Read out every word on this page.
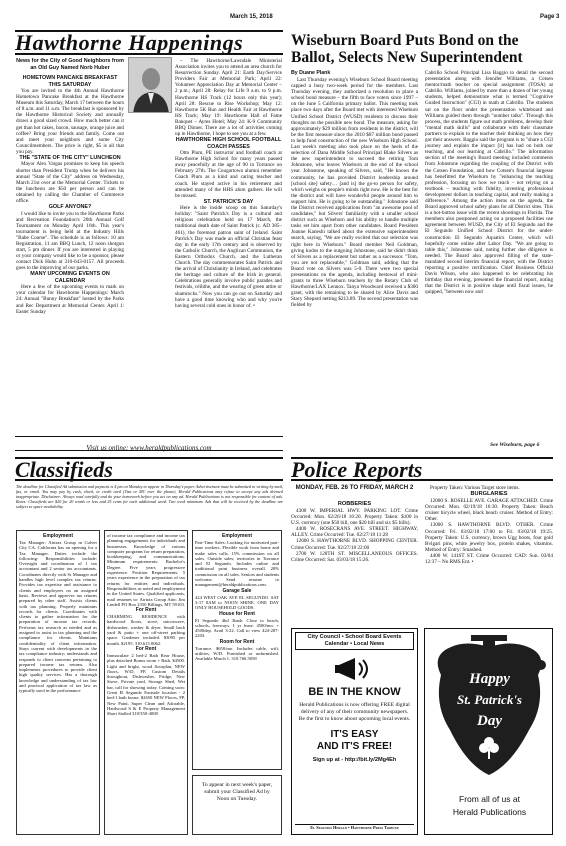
March 15, 2018	Page 3
Hawthorne Happenings
News for the City of Good Neighbors from an Old Guy Named Norb Huber
HOMETOWN PANCAKE BREAKFAST THIS SATURDAY
You are invited to the 4th Annual Hawthorne Hometown Pancake Breakfast at the Hawthorne Museum this Saturday, March 17 between the hours of 8 a.m. and 11 a.m. The breakfast is sponsored by the Hawthorne Historical Society and annually draws a good sized crowd. How much better can it get than hot cakes, bacon, sausage, orange juice and coffee? Bring your friends and family. Come out and meet your neighbors and some City Councilmembers. The price is right, $5 is all that you pay.
THE "STATE OF THE CITY" LUNCHEON
Mayor Alex Vargas promises to keep his speech shorter than President Trump when he delivers his annual "State of the City" address on Wednesday, March 21st over at the Memorial Center. Tickets to the luncheon are $50 per person and can be obtained by calling the Chamber of Commerce office.
GOLF ANYONE?
I would like to invite you to the Hawthorne Parks and Recreation Foundation's 20th Annual Golf Tournament on Monday April 16th. This year's tournament is being held at the Industry Hills "Babe Course". The schedule is as follows: 10 am Registration, 11 am BBQ Lunch, 12 noon shotgun start, 5 pm dinner. If you are interested in playing or your company would like to be a sponsor, please contact Dick Huhn at 310-643-0157. All proceeds goes to the improving of our parks.
MANY UPCOMING EVENTS ON CALENDAR
Here a few of the upcoming events to mark on your calendar for Hawthorne Happenings: March 24: Annual "Bunny Breakfast" hosted by the Parks and Rec Department at Memorial Center. April 1: Easter Sunday
– The Hawthorne/Lawndale Ministerial Association invites you to attend an area church for Resurrection Sunday. April 21: Earth Day/Service Providers Fair at Memorial Park; April 22: Volunteer Appreciation Day at Memorial Center – 2 p.m.; April 28: Relay for Life 9 a.m. to 9 p.m. Hawthorne HS Track (12 hours only this year); April 28: Rescue to Rise Workshop; May 12: Hawthorne 5K Run and Health Fair at Hawthorne HS Track; May 19: Hawthorne Hall of Fame Banquet – Ayres Hotel; May 24: K-9 Community BBQ Dinner. There are a lot of activities coming up in Hawthorne, I hope to see you at a few.
HAWTHORNE HIGH SCHOOL FOOTBALL COACH PASSES
Otto Plum, PE instructor and football coach at Hawthorne High School for many years passed away peacefully at the age of 90 in Torrance on February 27th. The Cougartown alumni remember Coach Plum as a kind and caring teacher and coach. He stayed active in his retirement and attended many of the HHS alum gathers. He will be missed.
ST. PATRICK'S DAY
Here is the inside scoop on this Saturday's holiday: "Saint Patrick's Day is a cultural and religious celebration held on 17 March, the traditional death date of Saint Patrick (c. AD 385–461), the foremost patron saint of Ireland. Saint Patrick's Day was made an official Christian feast day in the early 17th century and is observed by the Catholic Church, the Anglican Communion, the Eastern Orthodox Church, and the Lutheran Church. The day commemorates Saint Patrick and the arrival of Christianity in Ireland, and celebrates the heritage and culture of the Irish in general. Celebrations generally involve public parades and festivals, céilithe, and the wearing of green attire or shamrocks." Now you can go out on Saturday and have a good time knowing who and why you're having several cold ones in honor of. •
Visit us online: www.heraldpublications.com
Wiseburn Board Puts Bond on the Ballot, Selects New Superintendent
By Duane Plank
Last Thursday evening's Wiseburn School Board meeting capped a busy two-week period for the members. Last Thursday evening, they authorized a resolution to place a school bond measure – the fifth to face voters since 1997 – on the June 5 California primary ballot. This meeting took place two days after the Board met with interested Wiseburn Unified School District (WUSD) residents to discuss their thoughts on the possible new bond. The measure, asking for approximately $29 million from residents in the district, will be the first measure since the 2010 $87 million bond passed to help fund construction of the new Wiseburn High School. Last week's meeting also took place on the heels of the selection of Dana Middle School Principal Blake Silvers as the new superintendent to succeed the retiring Tom Johnstone, who leaves Wiseburn at the end of the school year. Johnstone, speaking of Silvers, said, "He knows the community, he has provided District leadership around [school site] safety… [and is] the go-to person for safety, which weighs on people's minds right now. He is the best for the district and will have wonderful people around him to support him. He is going to be outstanding." Johnstone said the District received applications from "an awesome pool of candidates," but Silvers' familiarity with a smaller school district such as Wiseburn and his ability to handle multiple tasks set him apart from other candidates. Board President Joanne Kaneshi talked about the extensive superintendent search, saying, "We are really excited that our selection was right here in Wiseburn." Board member Neil Goldman, giving kudos to the outgoing Johnstone, said he didn't think of Silvers as a replacement but rather as a successor. "Tom, you are not replaceable," Goldman said, adding that the Board vote on Silvers was 5-0. There were two special presentations on the agenda, including bestowal of mini-grants to three Wiseburn teachers by the Rotary Club of Hawthorne/LAX Lennox. Tanya Woodward received a $300 grant, with the remaining to be shared by Alice Davis and Stacy Shepard netting $213.89. The second presentation was fielded by
Cabrillo School Principal Lisa Baggio to detail the second presentation along with Jennifer Williams, a Cotsen mentor/math teacher on special assignment (TOSA) at Cabrillo. Williams, joined by more than a dozen of her young students, helped demonstrate what is termed "Cognitive Guided Instruction" (CGI) in math at Cabrillo. The students sat on the floor under the presentation whiteboard and Williams guided them through "number talks". Through this process, the students figure out math problems, develop their "mental math skills" and collaborate with their classmate partners to explain to the teacher their thinking on how they got their answers. Baggio said the program is to "share a CGI journey and explain the impact [it] has had on both our teaching, and our learning at Cabrillo." The information section of the meeting's Board meeting included comments from Johnstone regarding the coupling of the District with the Cotsen Foundation, and how Cotsen's financial largesse has benefitted the Wiseburn by "enhancing the teaching profession, focusing on how we teach – not relying on a textbook – teaching with fidelity, investing professional development dollars in teaching capital, and really making a difference." Among the action items on the agenda, the Board approved school safety plans for all District sites. This is a hot-button issue with the recent shootings in Florida. The members also postponed acting on a proposed facilities use agreement between WUSD, the City of El Segundo and the El Segundo Unified School District for the under-construction El Segundo Aquatics Center, which will hopefully come online after Labor Day. "We are going to table this," Johnstone said, noting further due diligence is needed. The Board also approved filling of the state-mandated second interim financial report, with the District reporting a positive certification. Chief Business Official Davis Wilson, who also happened to be celebrating his birthday that evening, presented the financial report, noting that the District is in positive shape until fiscal issues, he quipped, "between now and
See Wiseburn, page 6
Classifieds
The deadline for Classified Ad submission and payment is 4 pm on Monday to appear in Thursday's paper. Advertisement must be submitted in writing by mail, fax, or email. You may pay by cash, check, or credit card (Visa or MC over the phone). Herald Publications may refuse to accept any ads deemed inappropriate. Disclaimer: Always read carefully and do your homework before you act on any ad. Herald Publications is not responsible for content of ads. Rates: Classifieds are $20 for 20 words or less and 25 cents for each additional word. Two week minimum. Ads that will be received by the deadline are subject to space availability.
Employment
Tax Manager: Airtrax Group in Culver City CA. California has an opening for a Tax Manager. Duties include the following: Responsibilities include: Oversight and coordination of 1 tax accountant and 2 senior tax accountants. Coordinates directly with Sr Manager and handles high level complex tax returns. Provides tax expertise and assistance to clients and employees on an assigned basis. Reviews and approves tax returns prepared by other staff. Assists clients with tax planning. Properly maintains records for clients. Coordinates with clients to gather information for the preparation of income tax records. Performs tax research as needed and as assigned to assist in tax planning and the compliance for clients. Maintains confidentiality of client information. Stays current with developments in the tax compliance industry; understands and responds to client concerns pertaining to prepared income tax returns. Also implements procedures to provide client high quality services. Has a thorough knowledge and understanding of tax law and practical application of tax law as typically used in the performance
of income tax compliance and income tax planning engagements for individuals and businesses. Knowledge of various computer programs for return preparation, bookkeeping, and communications. Minimum requirements: Bachelor's Degree. Five years progressive experience. Position Requirements: 5 years experience in the preparation of tax returns for entities and individuals. Responsibilities as noted and employment in the United States. Qualified applicants, mail resumes to: Airtrax Group Attn: Jim Lindell PO Box 2350 Billings, MT 59103.
For Rent
CHARMING RESIDENCE with hardwood floors, stove, microwave, dishwasher, washer & dryer. Small back yard & patio + one off-street parking space. Gardener included. $3095 per month. $2195. 310.615.0062.
For Rent
Immaculate 2 bed-2 Bath Rear House, plus detached Bonus room + Bath. $4500. Light and bright, wood floorplan, NEW floors, W/D, FP, Custom Details throughout, Dishwasher, Fridge, New Stove, Private yard, Storage Shed, Wet bar, call for showing today. Coming soon: Great El Segundo Eastside location - 2 bed-1 bath house. $2650 NEW Floors, FP, New Paint, Super Clean and Adorable, Hardwood S & E Property Management Short Stalled 310/350-4008
Employment
Part-Time Sales: Looking for motivated part-time workers. Flexible work from home and make sales calls. 15% commission on all sales. Outside sales; territories in Torrance and El Segundo. Includes online and traditional print business overall. 20% commission on all sales. Seniors and students welcome. Send resume to management@heraldpublications.com.
Garage Sale
424 WEST OAK AVE EL SEGUNDO. SAT 3-17 8AM to NOON SHINE. ONE DAY ONLY HOUSEHOLD GOODS.
House for Rent
El Segundo 4bd 3bath. Close to beach, schools, freeways. 1 yr lease. 4500/mo. + 4500dep. Avail 3-22. Call to view 424-287-2203.
Room for Rent
Torrance. $650/mo. Includes cable, wifi, utilities, W/D. Furnished or unfurnished. Available March 1. 310.766.5058
To appear in next week's paper, submit your Classified Ad by Noon on Tuesday.
Police Reports
MONDAY, FEB. 26 TO FRIDAY, MARCH 2
ROBBERIES
4300 W. IMPERIAL HWY. PARKING LOT. Crime Occurred: Mon. 02/26/18 16:20. Property Taken: $100 in U.S. currency (one $50 bill, one $20 bill and six $5 bills).
4400 W. ROSECRANS AVE. STREET. HIGHWAY, ALLEY. Crime Occurred: Tue. 02/27/18 11:28
12600 S. HAWTHORNE BLVD. SHOPPING CENTER. Crime Occurred: Tue. 02/27/18 22:00
2700 W. 120TH ST. MISCELLANEOUS OFFICES. Crime Occurred: Sat. 03/03/18 15:26.
Property Taken: Various Target store items.
BURGLARIES
12000 S. ROSELLE AVE. GARAGE ATTACHED. Crime Occurred: Mon. 02/19/18 16:30. Property Taken: Beach cruiser bicycle wheel, black beach cruiser. Method of Entry: Other.
13000 S. HAWTHORNE BLVD. OTHER. Crime Occurred: Fri. 03/02/18 17:00 to Fri. 03/02/18 19:25. Property Taken: U.S. currency, brown Ugg boots, four gold Bvlgari pins, white jewelry box, protein shakes, vitamins. Method of Entry: Smashed.
4400 W. 141ST ST. Crime Occurred: CAD: Sun. 03/04 12:37 – No RMS Ent. •
City Council • School Board Events Calendar • Local News
BE IN THE KNOW
Herald Publications is now offering FREE digital delivery of any of their community newspapers. Be the first to know about upcoming local events.
IT'S EASY
AND IT'S FREE!
Sign up at - http://bit.ly/2Mg4Eh
El Segundo Herald • Hawthorne Press Tribune
Happy
St. Patrick's
Day
From all of us at
Herald Publications
